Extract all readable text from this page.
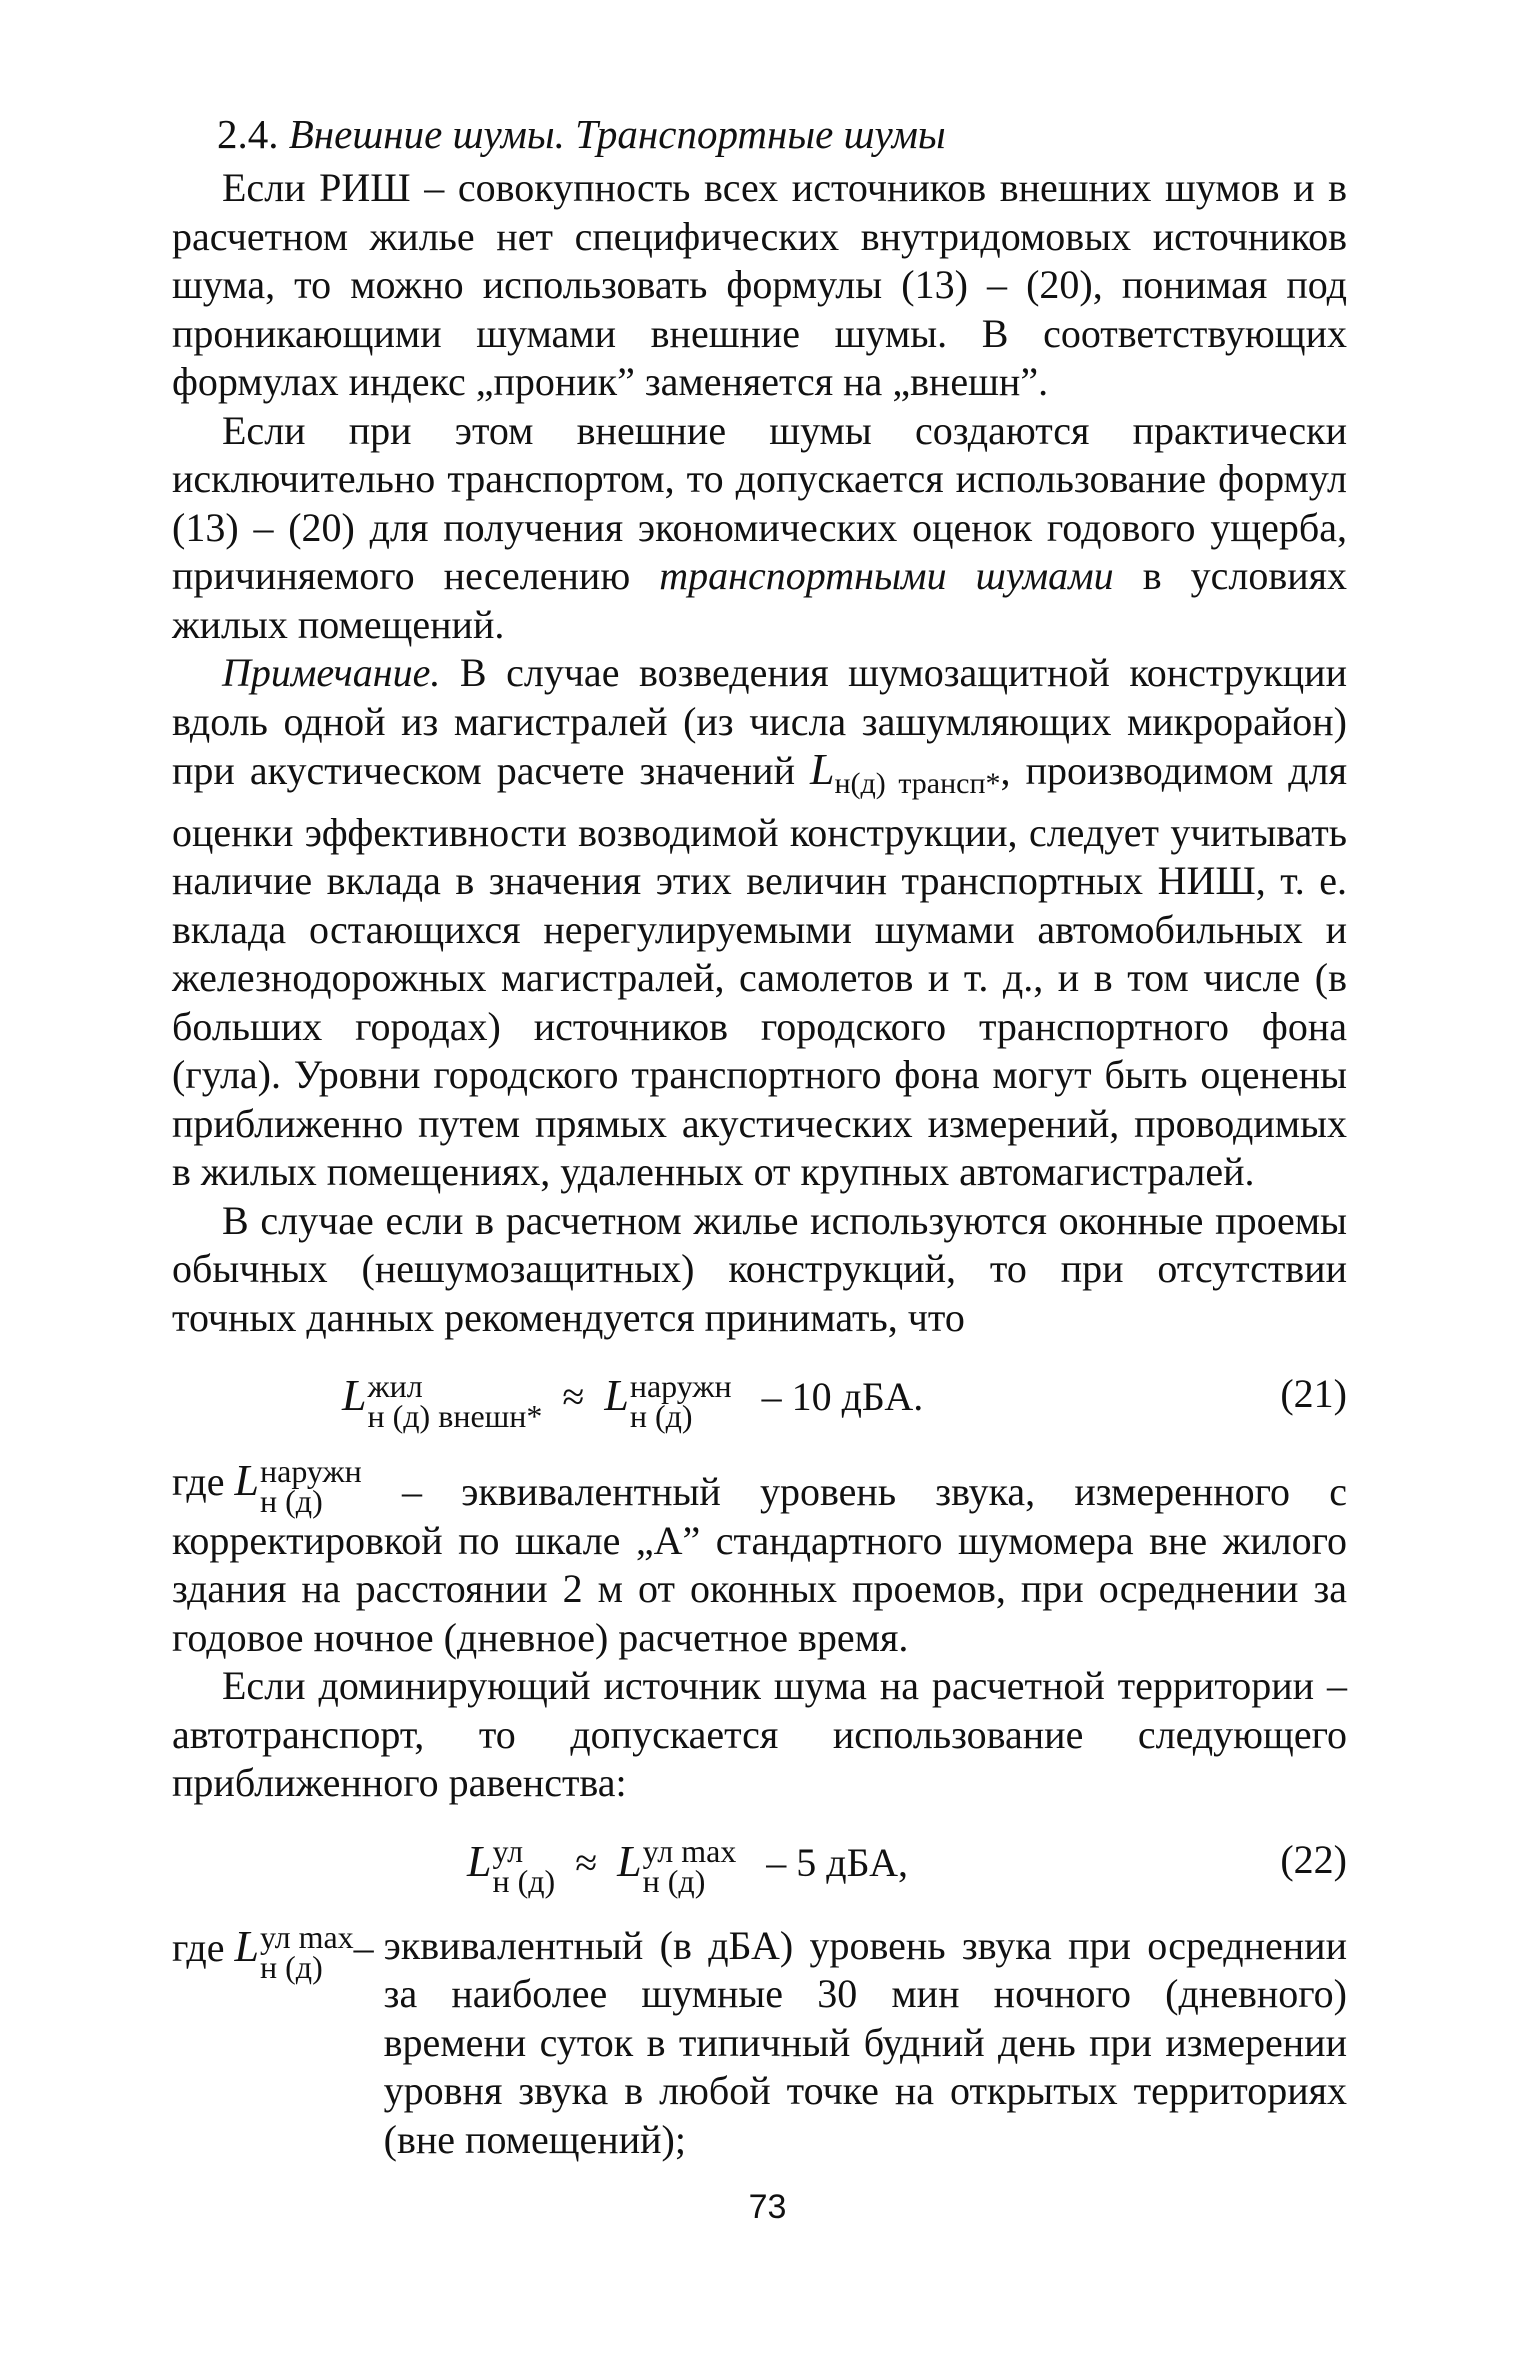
2.4. Внешние шумы. Транспортные шумы

Если РИШ – совокупность всех источников внешних шумов и в расчетном жилье нет специфических внутридомовых источников шума, то можно использовать формулы (13) – (20), понимая под проникающими шумами внешние шумы. В соответствующих формулах индекс „проник” заменяется на „внешн”.

Если при этом внешние шумы создаются практически исключительно транспортом, то допускается использование формул (13) – (20) для получения экономических оценок годового ущерба, причиняемого неселению транспортными шумами в условиях жилых помещений.

Примечание. В случае возведения шумозащитной конструкции вдоль одной из магистралей (из числа зашумляющих микрорайон) при акустическом расчете значений $L_{н(д) трансп*}$, производимом для оценки эффективности возводимой конструкции, следует учитывать наличие вклада в значения этих величин транспортных НИШ, т. е. вклада остающихся нерегулируемыми шумами автомобильных и железнодорожных магистралей, самолетов и т. д., и в том числе (в больших городах) источников городского транспортного фона (гула). Уровни городского транспортного фона могут быть оценены приближенно путем прямых акустических измерений, проводимых в жилых помещениях, удаленных от крупных автомагистралей.

В случае если в расчетном жилье используются оконные проемы обычных (нешумозащитных) конструкций, то при отсутствии точных данных рекомендуется принимать, что

L жил
н (д) внешн* ≈ L наружн
н (д)	– 10 дБА.	(21)
где L наружн
н (д)
	– эквивалентный уровень звука, измеренного с корректировкой по шкале „А” стандартного шумомера вне жилого здания на расстоянии 2 м от оконных проемов, при осреднении за годовое ночное (дневное) расчетное время.

Если доминирующий источник шума на расчетной территории – автотранспорт, то допускается использование следующего приближенного равенства:

L ул
н (д) ≈ L ул max
н (д)	– 5 дБА,	(22)
где L ул max
н (д) – эквивалентный (в дБА) уровень звука при осреднении за наиболее шумные 30 мин ночного (дневного) времени суток в типичный будний день при измерении уровня звука в любой точке на открытых территориях (вне помещений);
73
